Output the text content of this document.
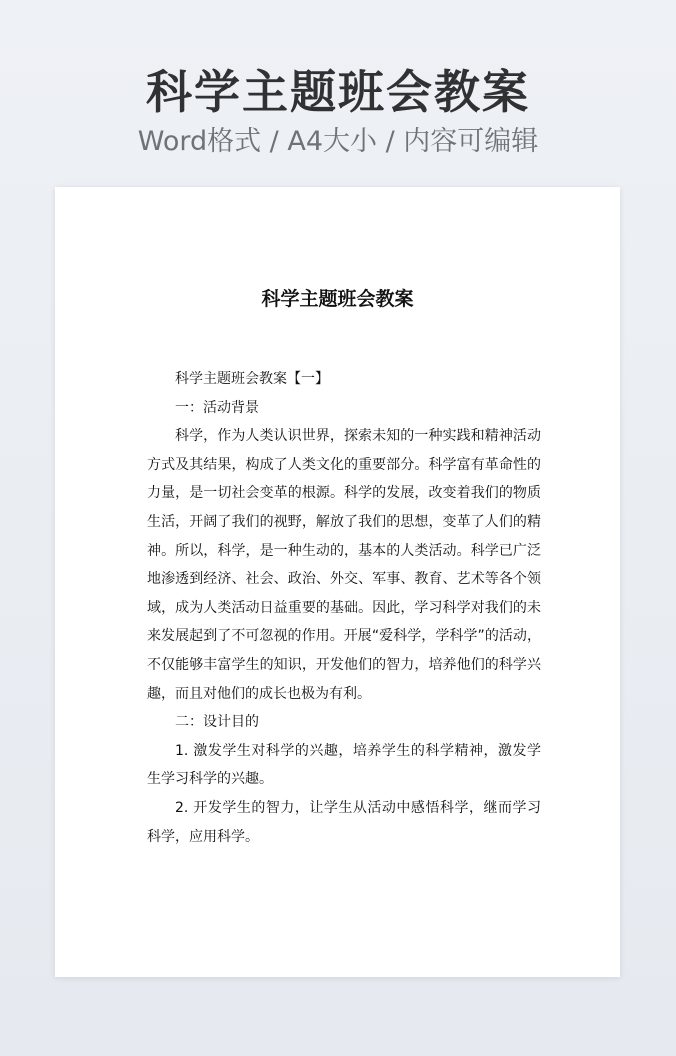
科学主题班会教案
Word格式 / A4大小 / 内容可编辑
科学主题班会教案

科学主题班会教案【一】

一：活动背景

科学，作为人类认识世界，探索未知的一种实践和精神活动方式及其结果，构成了人类文化的重要部分。科学富有革命性的力量，是一切社会变革的根源。科学的发展，改变着我们的物质生活，开阔了我们的视野，解放了我们的思想，变革了人们的精神。所以，科学，是一种生动的，基本的人类活动。科学已广泛地渗透到经济、社会、政治、外交、军事、教育、艺术等各个领域，成为人类活动日益重要的基础。因此，学习科学对我们的未来发展起到了不可忽视的作用。开展“爱科学，学科学”的活动，不仅能够丰富学生的知识，开发他们的智力，培养他们的科学兴趣，而且对他们的成长也极为有利。

二：设计目的

1. 激发学生对科学的兴趣，培养学生的科学精神，激发学生学习科学的兴趣。

2. 开发学生的智力，让学生从活动中感悟科学，继而学习科学，应用科学。
